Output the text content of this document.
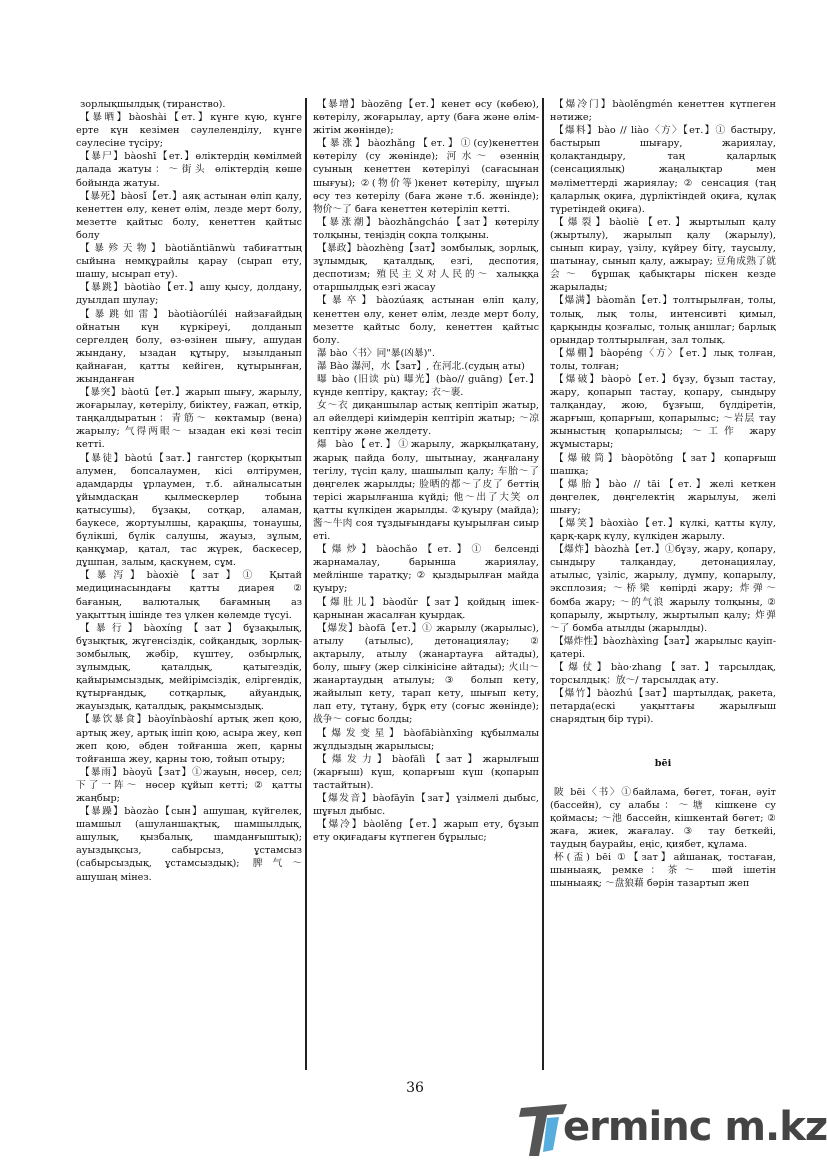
зорлықшылдық (тиранство).

【暴晒】bàoshài【ет.】күнге күю, күнге ерте күн кезімен сәулеленділу, күнге сәулесіне түсіру;

【暴尸】bàoshī【ет.】өліктердің көмілмей далада жатуы：～街头 өліктердің көше бойында жатуы.

【暴死】bàosǐ【ет.】аяқ астынан өліп қалу, кенеттен өлу, кенет өлім, лезде мерт болу, мезетте қайтыс болу, кенеттен қайтыс болу

【暴殄天物】bàotiǎntiānwù табиғаттың сыйына немқұрайлы қарау (сырап ету, шашу, ысырап ету).

【暴跳】bàotiào【ет.】ашу қысу, долдану, дуылдап шулау;

【暴跳如雷】bàotiàorúléi найзағайдың ойнатын күн күркіреуі, долданып сергелдең болу, өз-өзінен шығу, ашудан жындану, ызадан құтыру, ызылданып қайнаған, қатты кейіген, құтырынған, жынданған

【暴突】bàotū【ет.】жарып шығу, жарылу, жоғарылау, көтерілу, биіктеу, ғажап, өткір, таңқалдыратын：青筋～ көктамыр (вена) жарылу; 气得两眼～ ызадан екі көзі тесіп кетті.

【暴徒】bàotú【зат.】гангстер (қорқытып алумен, бопсалаумен, кісі өлтірумен, адамдарды ұрлаумен, т.б. айналысатын ұйымдасқан қылмескерлер тобына қатысушы), бұзақы, сотқар, аламан, баукесе, жортуылшы, қарақшы, тонаушы, бүлікші, бүлік салушы, жауыз, зұлым, қанқұмар, қатал, тас жүрек, баскесер, дұшпан, залым, қаскүнем, сұм.

【暴泻】bàoxiè【зат】① Қытай медицинасындағы қатты диарея ② бағаның, валюталық бағамның аз уақыттың ішінде тез үлкен көлемде түсуі.

【暴行】bàoxíng【зат】бұзақылық, бұзықтық, жүгенсіздік, сойқандық, зорлық-зомбылық, жәбір, күштеу, озбырлық, зұлымдық, қаталдық, қатыгездік, қайырымсыздық, мейірімсіздік, еліргендік, құтырғандық, сотқарлық, айуандық, жауыздық, қаталдық, рақымсыздық.

【暴饮暴食】bàoyǐnbàoshí артық жеп қою, артық жеу, артық ішіп қою, асыра жеу, көп жеп қою, әбден тойғанша жеп, қарны тойғанша жеу, қарны тою, тойып отыру;

【暴雨】bàoyǔ【зат】①жауын, нөсер, сел; 下了一阵～ нөсер құйып кетті; ② қатты жаңбыр;

【暴躁】bàozào【сын】ашушаң, күйгелек, шамшыл (ашуланшақтық, шамшылдық, ашулық, қызбалық, шамданғыштық); ауыздықсыз, сабырсыз, ұстамсыз (сабырсыздық, ұстамсыздық); 脾气～ ашушаң мінез.

【暴增】bàozēng【ет.】кенет өсу (көбею), көтерілу, жоғарылау, арту (баға және өлім-жітім жөнінде);

【暴涨】bàozhǎng【ет.】①(су)кенеттен көтерілу (су жөнінде); 河水～ өзеннің суының кенеттен көтерілуі (сағасынан шығуы); ②(物价等)кенет көтерілу, шұғыл өсу тез көтерілу (баға және т.б. жөнінде); 物价～了 баға кенеттен көтеріліп кетті.

【暴涨潮】bàozhǎngcháo【зат】көтерілу толқыны, теңіздің соқпа толқыны.

【暴政】bàozhèng【зат】зомбылық, зорлық, зұлымдық, қаталдық, езгі, деспотия, деспотизм; 殖民主义对人民的～ халыққа отаршылдық езгі жасау

【暴卒】bàozúаяқ астынан өліп қалу, кенеттен өлу, кенет өлім, лезде мерт болу, мезетте қайтыс болу, кенеттен қайтыс болу.

瀑 bào〈书〉同"暴(凶暴)".

瀑 Bào 瀑河，水【зат】, 在河北.(судың аты)

曝 bào (旧读 pù) 曝光】(bào// guāng)【ет.】күнде кептіру, қақтау; 衣～裹.

女～衣 диқаншылар астық кептіріп жатыр, ал әйелдері киімдерін кептіріп жатыр; ～凉 кептіру және желдету.

爆 bào【ет.】①жарылу, жарқылқатану, жарық пайда болу, шытынау, жаңғалану тегілу, түсіп қалу, шашылып қалу; 车胎～了 дөңгелек жарылды; 脸晒的都～了皮了 беттің терісі жарылғанша күйді; 他～出了大笑 ол қатты күлкіден жарылды. ②қуыру (майда); 酱～牛肉 соя тұздығындағы қуырылған сиыр еті.

【爆炒】bàochǎo【ет.】① белсенді жарнамалау, барынша жариялау, мейлінше таратқу; ② қыздырылған майда қуыру;

【爆肚儿】bàodǔr【зат】қойдың ішек-қарнынан жасалған қуырдақ.

【爆发】bàofā【ет.】① жарылу (жарылыс), атылу (атылыс), детонациялау; ② ақтарылу, атылу (жанартауға айтады), болу, шығу (жер сілкінісіне айтады); 火山～ жанартаудың атылуы; ③ болып кету, жайылып кету, тарап кету, шығып кету, лап ету, тұтану, бұрқ ету (соғыс жөнінде); 战争～ соғыс болды;

【爆发变星】bàofābiànxīng құбылмалы жұлдыздың жарылысы;

【爆发力】bàofālì【зат】жарылғыш (жарғыш) күш, қопарғыш күш (қопарып тастайтын).

【爆发音】bàofāyīn【зат】үзілмелі дыбыс, шұғыл дыбыс.

【爆冷】bàolěng【ет.】жарып ету, бұзып ету оқиғадағы күтпеген бұрылыс;

【爆冷门】bàolěngmén кенеттен күтпеген нәтиже;

【爆料】bào // liào〈方〉【ет.】① бастыру, бастырып шығару, жариялау, қолақтандыру, таң қаларлық (сенсациялық) жаңалықтар мен мәліметтерді жариялау; ② сенсация (таң қаларлық оқиға, дүрліктіндей оқиға, құлақ түретіндей оқиға).

【爆裂】bàoliè【ет.】жыртылып қалу (жыртылу), жарылып қалу (жарылу), сынып кирау, үзілу, күйреу бітү, таусылу, шатынау, сынып қалу, ажырау; 豆角成熟了就会～ бұршақ қабықтары піскен кезде жарылады;

【爆满】bàomǎn【ет.】толтырылған, толы, толық, лық толы, интенсивті қимыл, қарқынды қозғалыс, толық аншлаг; барлық орындар толтырылған, зал толық.

【爆棚】bàopéng〈方〉【ет.】лық толған, толы, толған;

【爆破】bàopò【ет.】бұзу, бұзып тастау, жару, қопарып тастау, қопару, сындыру талқандау, жою, бұзғыш, бүлдіретін, жарғыш, қопарғыш, қопарылыс; ～岩层 тау жыныстың қопарылысы; ～工作 жару жұмыстары;

【爆破筒】bàopòtǒng【зат】қопарғыш шашқа;

【爆胎】bào // tāi【ет.】желі кеткен дөңгелек, дөңгелектің жарылуы, желі шығу;

【爆笑】bàoxiào【ет.】күлкі, қатты күлу, қарқ-қарқ күлу, күлкіден жарылу.

【爆炸】bàozhà【ет.】①бұзу, жару, қопару, сындыру талқандау, детонациялау, атылыс, үзіліс, жарылу, дүмпу, қопарылу, эксплозия; ～桥梁 көпірді жару; 炸弹～ бомба жару; ～的气浪 жарылу толқыны, ② қопарылу, жыртылу, жыртылып қалу; 炸弹～了 бомба атылды (жарылды).

【爆炸性】bàozhàxìng【зат】жарылыс қауіп-қатері.

【爆仗】bào·zhang【зат.】тарсылдақ, торсылдық：放～/ тарсылдақ ату.

【爆竹】bàozhú【зат】шартылдақ, ракета, петарда(ескі уақыттағы жарылғыш снарядтың бір түрі).

bēi

陂 bēi〈书〉①байлама, бөгет, тоған, әуіт (бассейн), су алабы：～塘 кішкене су қоймасы; ～池 бассейн, кішкентай бөгет; ② жаға, жиек, жағалау. ③ тау беткейі, таудың баурайы, еңіс, қиябет, құлама.

杯(盃) bēi ①【зат】айшанақ, тостаған, шыныаяқ, ремке：茶～ шәй ішетін шыныаяқ; ～盘狼藉 бәрін тазартып жеп

36
erminc m.kz
